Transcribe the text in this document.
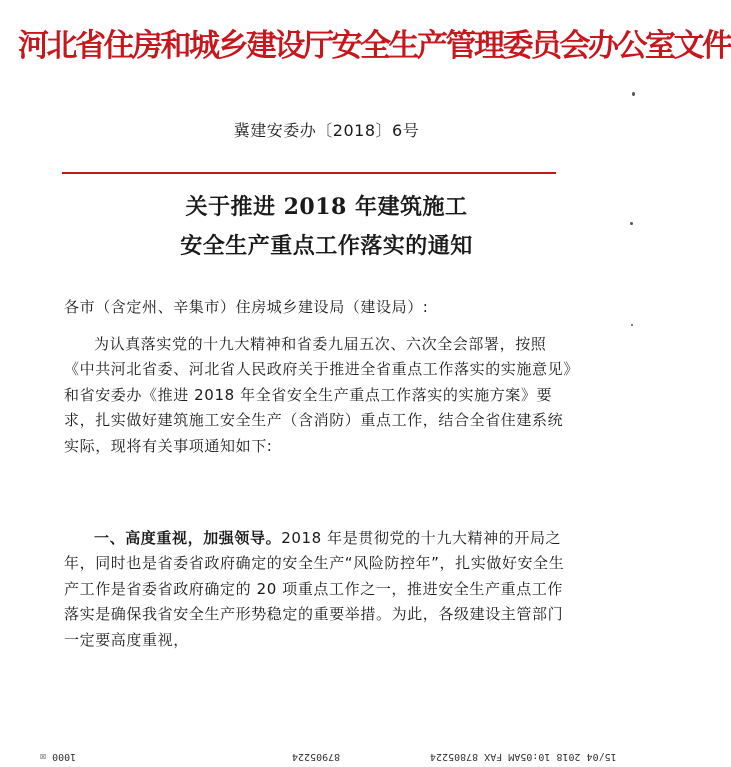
河北省住房和城乡建设厅安全生产管理委员会办公室文件
冀建安委办〔2018〕6号
关于推进 2018 年建筑施工
安全生产重点工作落实的通知
各市（含定州、辛集市）住房城乡建设局（建设局）:
为认真落实党的十九大精神和省委九届五次、六次全会部署，按照《中共河北省委、河北省人民政府关于推进全省重点工作落实的实施意见》和省安委办《推进 2018 年全省安全生产重点工作落实的实施方案》要求，扎实做好建筑施工安全生产（含消防）重点工作，结合全省住建系统实际，现将有关事项通知如下:
一、高度重视，加强领导。2018 年是贯彻党的十九大精神的开局之年，同时也是省委省政府确定的安全生产“风险防控年”，扎实做好安全生产工作是省委省政府确定的 20 项重点工作之一，推进安全生产重点工作落实是确保我省安全生产形势稳定的重要举措。为此，各级建设主管部门一定要高度重视，
1000 ☒	87905224	15/04 2018 10:05AM FAX 87805224
